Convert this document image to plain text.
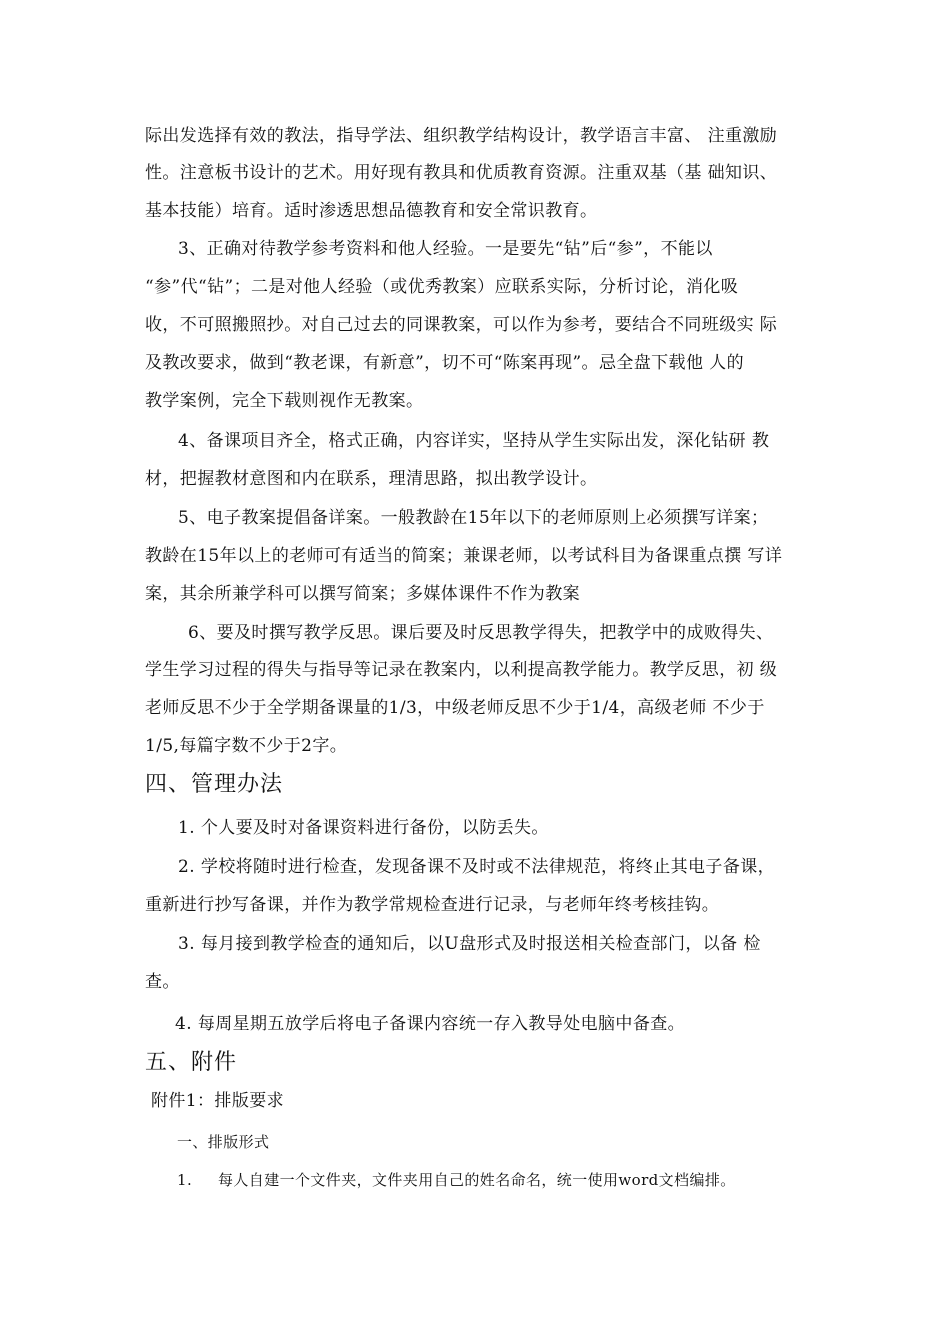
际出发选择有效的教法，指导学法、组织教学结构设计，教学语言丰富、 注重激励
性。注意板书设计的艺术。用好现有教具和优质教育资源。注重双基（基 础知识、
基本技能）培育。适时渗透思想品德教育和安全常识教育。
3、正确对待教学参考资料和他人经验。一是要先“钻”后“参”，不能以
“参”代“钻”；二是对他人经验（或优秀教案）应联系实际，分析讨论，消化吸
收，不可照搬照抄。对自己过去的同课教案，可以作为参考，要结合不同班级实 际
及教改要求，做到“教老课，有新意”，切不可“陈案再现”。忌全盘下载他 人的
教学案例，完全下载则视作无教案。
4、备课项目齐全，格式正确，内容详实，坚持从学生实际出发，深化钻研 教
材，把握教材意图和内在联系，理清思路，拟出教学设计。
5、电子教案提倡备详案。一般教龄在15年以下的老师原则上必须撰写详案；
教龄在15年以上的老师可有适当的简案；兼课老师，以考试科目为备课重点撰 写详
案，其余所兼学科可以撰写简案；多媒体课件不作为教案
6、要及时撰写教学反思。课后要及时反思教学得失，把教学中的成败得失、
学生学习过程的得失与指导等记录在教案内，以利提高教学能力。教学反思，初 级
老师反思不少于全学期备课量的1/3，中级老师反思不少于1/4，高级老师 不少于
1/5,每篇字数不少于2字。
四、管理办法
1. 个人要及时对备课资料进行备份，以防丢失。
2. 学校将随时进行检查，发现备课不及时或不法律规范，将终止其电子备课，
重新进行抄写备课，并作为教学常规检查进行记录，与老师年终考核挂钩。
3. 每月接到教学检查的通知后，以U盘形式及时报送相关检查部门，以备 检
查。
4. 每周星期五放学后将电子备课内容统一存入教导处电脑中备查。
五、附件
附件1：排版要求
一、排版形式
1. 每人自建一个文件夹，文件夹用自己的姓名命名，统一使用word文档编排。
